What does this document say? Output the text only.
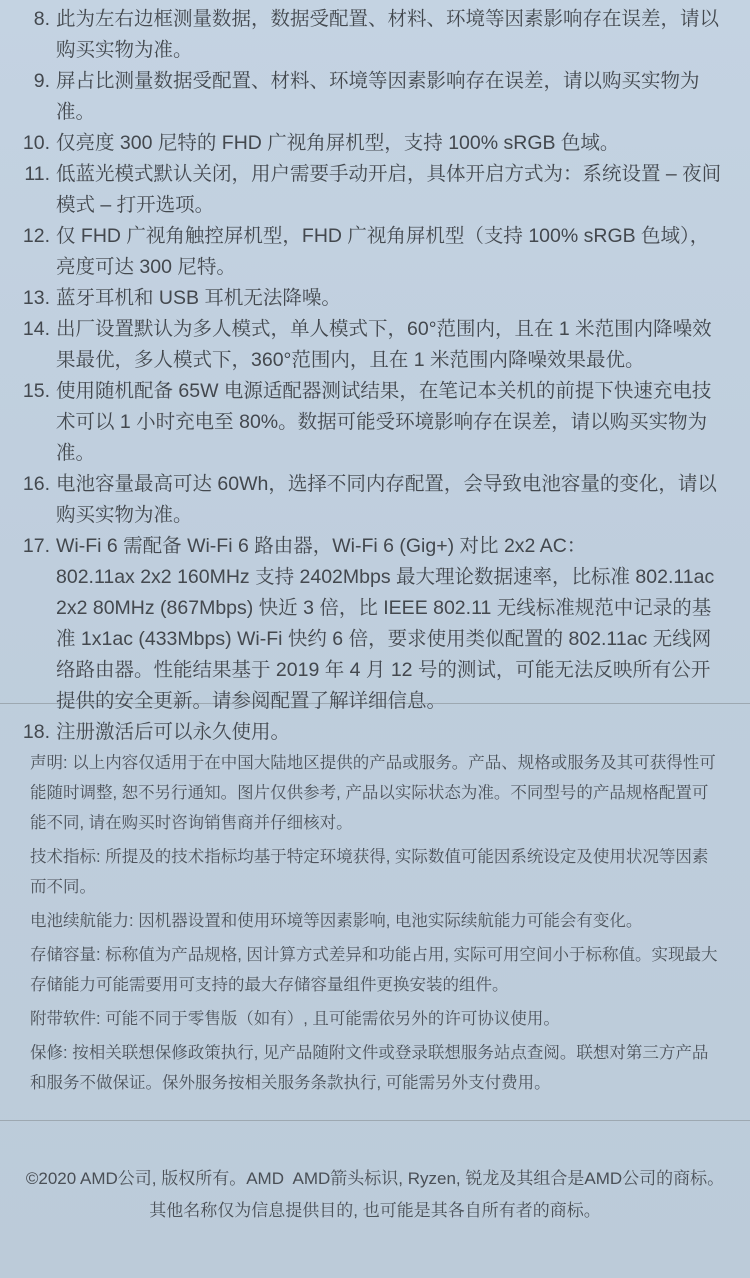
8. 此为左右边框测量数据，数据受配置、材料、环境等因素影响存在误差，请以购买实物为准。
9. 屏占比测量数据受配置、材料、环境等因素影响存在误差，请以购买实物为准。
10. 仅亮度 300 尼特的 FHD 广视角屏机型，支持 100% sRGB 色域。
11. 低蓝光模式默认关闭，用户需要手动开启，具体开启方式为：系统设置 – 夜间模式 – 打开选项。
12. 仅 FHD 广视角触控屏机型，FHD 广视角屏机型（支持 100% sRGB 色域），亮度可达 300 尼特。
13. 蓝牙耳机和 USB 耳机无法降噪。
14. 出厂设置默认为多人模式，单人模式下，60°范围内，且在 1 米范围内降噪效果最优，多人模式下，360°范围内，且在 1 米范围内降噪效果最优。
15. 使用随机配备 65W 电源适配器测试结果，在笔记本关机的前提下快速充电技术可以 1 小时充电至 80%。数据可能受环境影响存在误差，请以购买实物为准。
16. 电池容量最高可达 60Wh，选择不同内存配置，会导致电池容量的变化，请以购买实物为准。
17. Wi-Fi 6 需配备 Wi-Fi 6 路由器，Wi-Fi 6 (Gig+) 对比 2x2 AC：
802.11ax 2x2 160MHz 支持 2402Mbps 最大理论数据速率，比标准 802.11ac 2x2 80MHz (867Mbps) 快近 3 倍，比 IEEE 802.11 无线标准规范中记录的基准 1x1ac (433Mbps) Wi-Fi 快约 6 倍，要求使用类似配置的 802.11ac 无线网络路由器。性能结果基于 2019 年 4 月 12 号的测试，可能无法反映所有公开提供的安全更新。请参阅配置了解详细信息。
18. 注册激活后可以永久使用。

声明: 以上内容仅适用于在中国大陆地区提供的产品或服务。产品、规格或服务及其可获得性可能随时调整, 恕不另行通知。图片仅供参考, 产品以实际状态为准。不同型号的产品规格配置可能不同, 请在购买时咨询销售商并仔细核对。

技术指标: 所提及的技术指标均基于特定环境获得, 实际数值可能因系统设定及使用状况等因素而不同。

电池续航能力: 因机器设置和使用环境等因素影响, 电池实际续航能力可能会有变化。

存储容量: 标称值为产品规格, 因计算方式差异和功能占用, 实际可用空间小于标称值。实现最大存储能力可能需要用可支持的最大存储容量组件更换安装的组件。

附带软件: 可能不同于零售版（如有）, 且可能需依另外的许可协议使用。

保修: 按相关联想保修政策执行, 见产品随附文件或登录联想服务站点查阅。联想对第三方产品和服务不做保证。保外服务按相关服务条款执行, 可能需另外支付费用。

©2020 AMD公司, 版权所有。AMD  AMD箭头标识, Ryzen, 锐龙及其组合是AMD公司的商标。其他名称仅为信息提供目的, 也可能是其各自所有者的商标。
